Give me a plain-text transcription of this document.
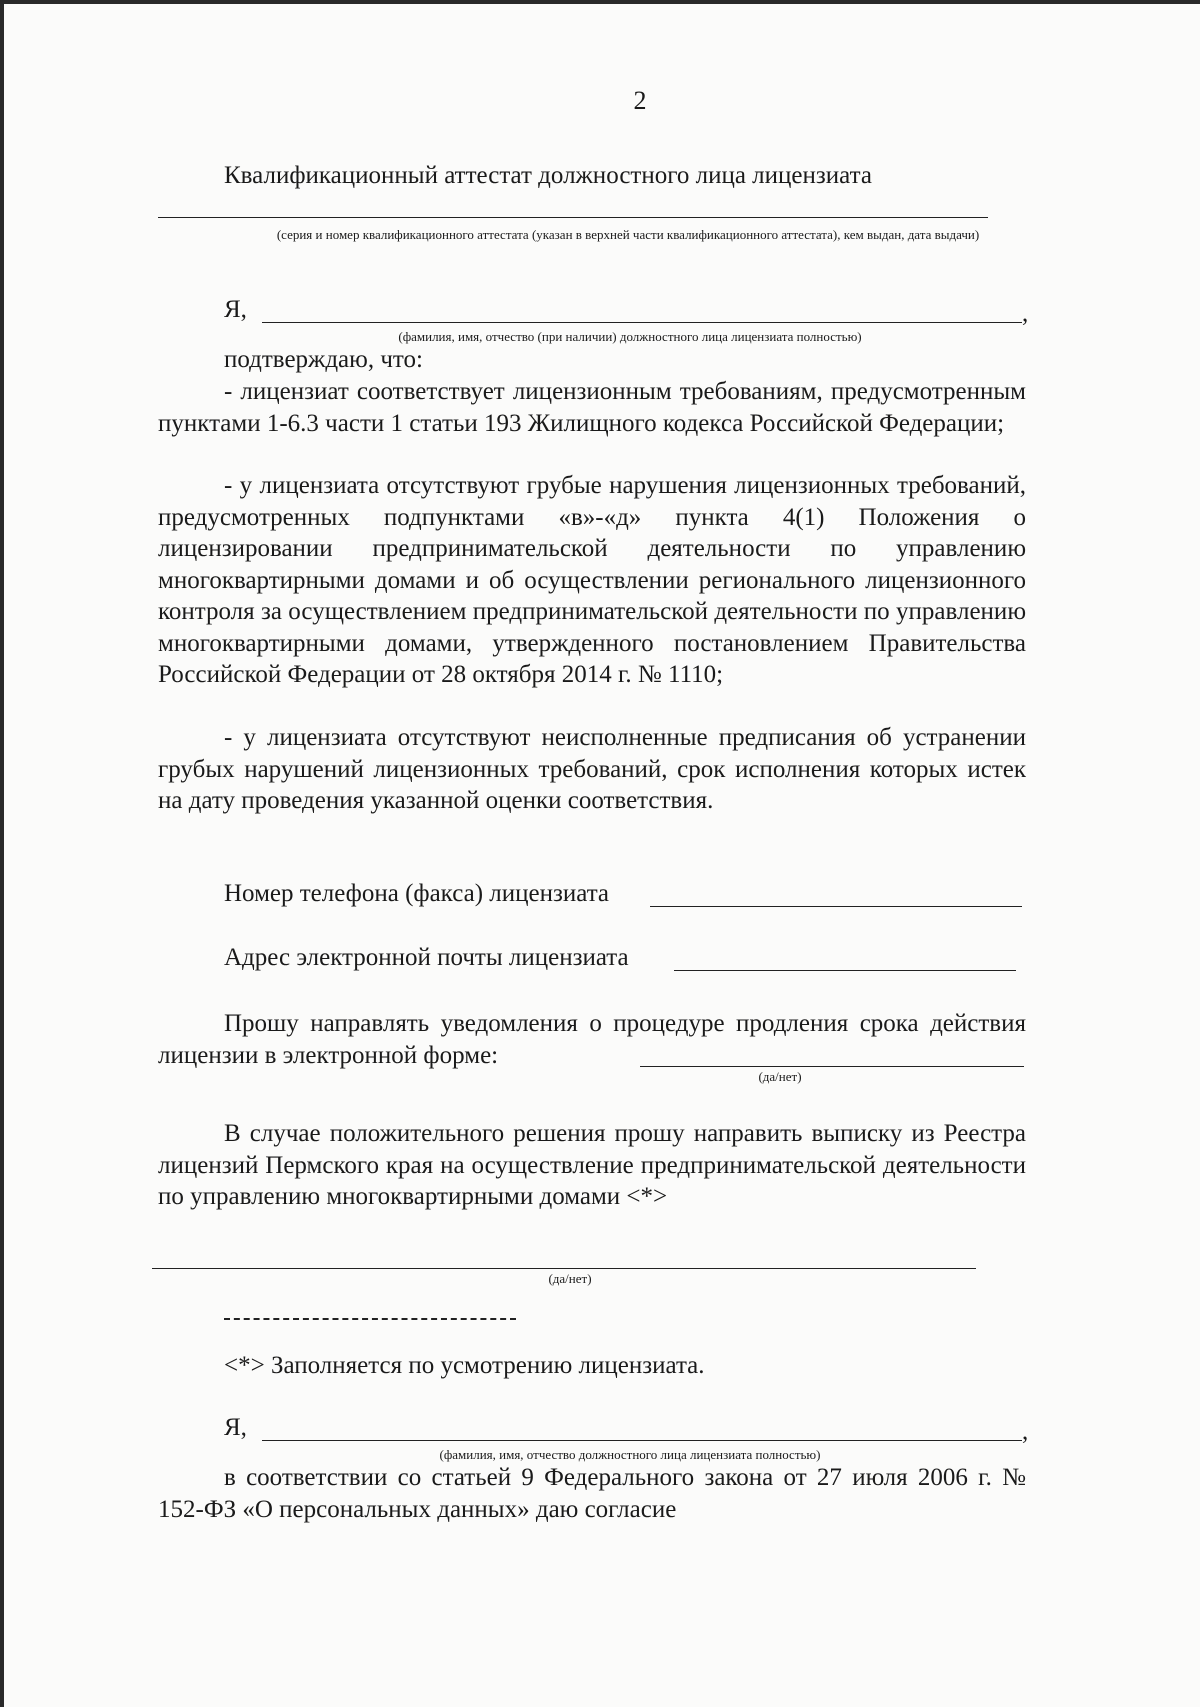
2
Квалификационный аттестат должностного лица лицензиата
(серия и номер квалификационного аттестата (указан в верхней части квалификационного аттестата), кем выдан, дата выдачи)
Я,	,
(фамилия, имя, отчество (при наличии) должностного лица лицензиата полностью)
подтверждаю, что:
- лицензиат соответствует лицензионным требованиям, предусмотренным пунктами 1-6.3 части 1 статьи 193 Жилищного кодекса Российской Федерации;
- у лицензиата отсутствуют грубые нарушения лицензионных требований, предусмотренных подпунктами «в»-«д» пункта 4(1) Положения о лицензировании предпринимательской деятельности по управлению многоквартирными домами и об осуществлении регионального лицензионного контроля за осуществлением предпринимательской деятельности по управлению многоквартирными домами, утвержденного постановлением Правительства Российской Федерации от 28 октября 2014 г. № 1110;
- у лицензиата отсутствуют неисполненные предписания об устранении грубых нарушений лицензионных требований, срок исполнения которых истек на дату проведения указанной оценки соответствия.
Номер телефона (факса) лицензиата
Адрес электронной почты лицензиата
Прошу направлять уведомления о процедуре продления срока действия лицензии в электронной форме:
(да/нет)
В случае положительного решения прошу направить выписку из Реестра лицензий Пермского края на осуществление предпринимательской деятельности по управлению многоквартирными домами <*>
(да/нет)
<*> Заполняется по усмотрению лицензиата.
Я,	,
(фамилия, имя, отчество должностного лица лицензиата полностью)
в соответствии со статьей 9 Федерального закона от 27 июля 2006 г. № 152-ФЗ «О персональных данных» даю согласие
